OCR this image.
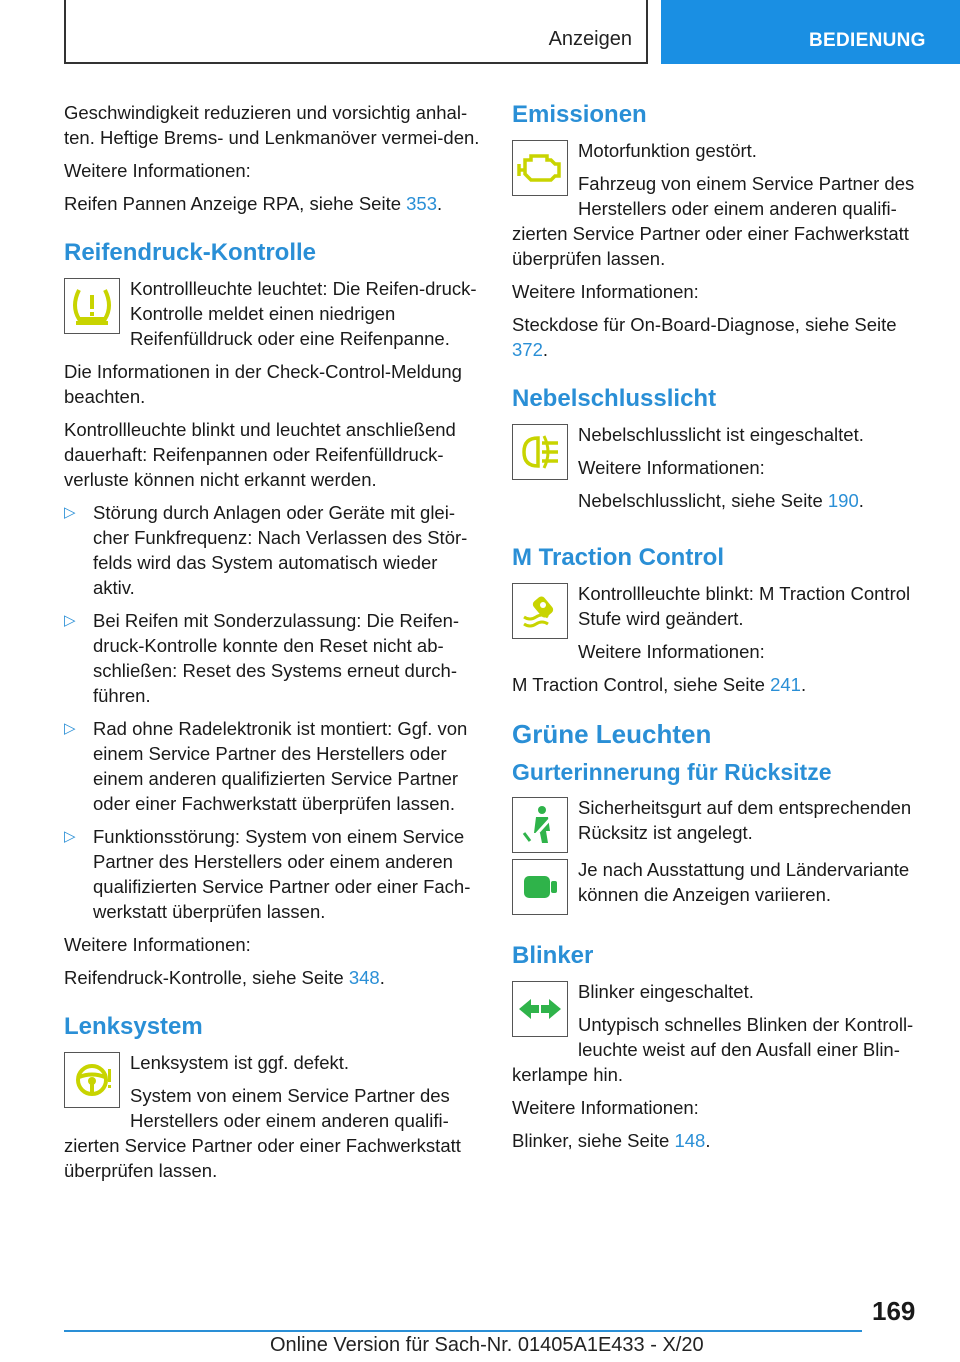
Anzeigen	BEDIENUNG

Geschwindigkeit reduzieren und vorsichtig anhal‐ten. Heftige Brems- und Lenkmanöver vermei‐den.

Weitere Informationen:

Reifen Pannen Anzeige RPA, siehe Seite 353.

Reifendruck-Kontrolle

Kontrollleuchte leuchtet: Die Reifen‐druck-Kontrolle meldet einen niedrigen Reifenfülldruck oder eine Reifenpanne.

Die Informationen in der Check-Control-Meldung beachten.

Kontrollleuchte blinkt und leuchtet anschließend dauerhaft: Reifenpannen oder Reifenfülldruck‐verluste können nicht erkannt werden.

▷ Störung durch Anlagen oder Geräte mit glei‐cher Funkfrequenz: Nach Verlassen des Stör‐felds wird das System automatisch wieder aktiv.
▷ Bei Reifen mit Sonderzulassung: Die Reifen‐druck-Kontrolle konnte den Reset nicht ab‐schließen: Reset des Systems erneut durch‐führen.
▷ Rad ohne Radelektronik ist montiert: Ggf. von einem Service Partner des Herstellers oder einem anderen qualifizierten Service Partner oder einer Fachwerkstatt überprüfen lassen.
▷ Funktionsstörung: System von einem Service Partner des Herstellers oder einem anderen qualifizierten Service Partner oder einer Fach‐werkstatt überprüfen lassen.

Weitere Informationen:

Reifendruck-Kontrolle, siehe Seite 348.

Lenksystem

Lenksystem ist ggf. defekt.

System von einem Service Partner des Herstellers oder einem anderen qualifi‐zierten Service Partner oder einer Fachwerkstatt überprüfen lassen.

Emissionen

Motorfunktion gestört.

Fahrzeug von einem Service Partner des Herstellers oder einem anderen qualifi‐zierten Service Partner oder einer Fachwerkstatt überprüfen lassen.

Weitere Informationen:

Steckdose für On-Board-Diagnose, siehe Seite 372.

Nebelschlusslicht

Nebelschlusslicht ist eingeschaltet.

Weitere Informationen:

Nebelschlusslicht, siehe Seite 190.

M Traction Control

Kontrollleuchte blinkt: M Traction Control Stufe wird geändert.

Weitere Informationen:

M Traction Control, siehe Seite 241.

Grüne Leuchten
Gurterinnerung für Rücksitze

Sicherheitsgurt auf dem entsprechenden Rücksitz ist angelegt.

Je nach Ausstattung und Ländervariante können die Anzeigen variieren.

Blinker

Blinker eingeschaltet.

Untypisch schnelles Blinken der Kontroll‐leuchte weist auf den Ausfall einer Blin‐kerlampe hin.

Weitere Informationen:

Blinker, siehe Seite 148.

169
Online Version für Sach-Nr. 01405A1E433 - X/20
